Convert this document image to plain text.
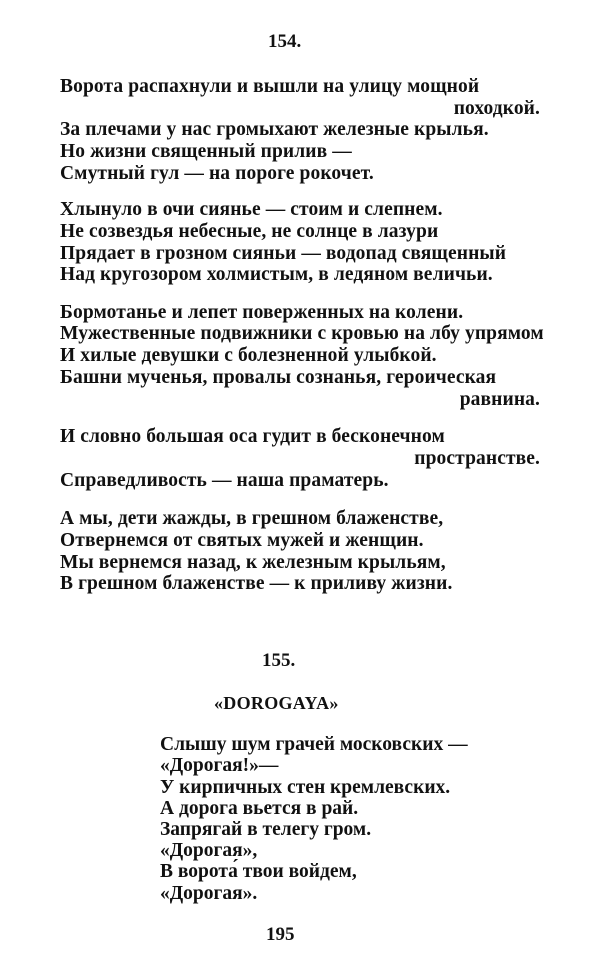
154.
Ворота распахнули и вышли на улицу мощной
походкой.
За плечами у нас громыхают железные крылья.
Но жизни священный прилив —
Смутный гул — на пороге рокочет.
Хлынуло в очи сиянье — стоим и слепнем.
Не созвездья небесные, не солнце в лазури
Прядает в грозном сияньи — водопад священный
Над кругозором холмистым, в ледяном величьи.
Бормотанье и лепет поверженных на колени.
Мужественные подвижники с кровью на лбу упрямом
И хилые девушки с болезненной улыбкой.
Башни мученья, провалы сознанья, героическая
равнина.
И словно большая оса гудит в бесконечном
пространстве.
Справедливость — наша праматерь.
А мы, дети жажды, в грешном блаженстве,
Отвернемся от святых мужей и женщин.
Мы вернемся назад, к железным крыльям,
В грешном блаженстве — к приливу жизни.
155.
«DOROGAYA»
Слышу шум грачей московских —
«Дорогая!»—
У кирпичных стен кремлевских.
А дорога вьется в рай.
Запрягай в телегу гром.
«Дорогая»,
В ворота́ твои войдем,
«Дорогая».
195
